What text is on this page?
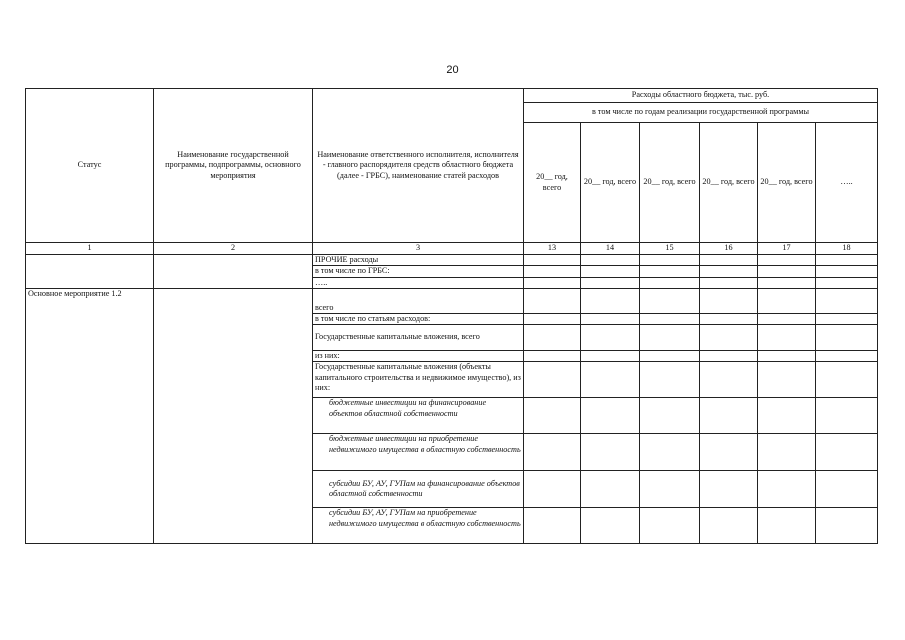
20
Статус	Наименование государственной программы, подпрограммы, основного мероприятия	Наименование ответственного исполнителя, исполнителя - главного распорядителя средств областного бюджета (далее - ГРБС), наименование статей расходов	Расходы областного бюджета, тыс. руб.					
			в том числе по годам реализации государственной программы					
			20__ год, всего	20__ год, всего	20__ год, всего	20__ год, всего	20__ год, всего	…..
1	2	3	13	14	15	16	17	18
		ПРОЧИЕ расходы						
		в том числе по ГРБС:						
		…..						
Основное мероприятие 1.2		всего						
		в том числе по статьям расходов:						
		Государственные капитальные вложения, всего						
		из них:						
		Государственные капитальные вложения (объекты капитального строительства и недвижимое имущество), из них:						
		бюджетные инвестиции на финансирование объектов областной собственности						
		бюджетные инвестиции на приобретение недвижимого имущества в областную собственность						
		субсидии БУ, АУ, ГУПам на финансирование объектов областной собственности						
		субсидии БУ, АУ, ГУПам на приобретение недвижимого имущества в областную собственность						
